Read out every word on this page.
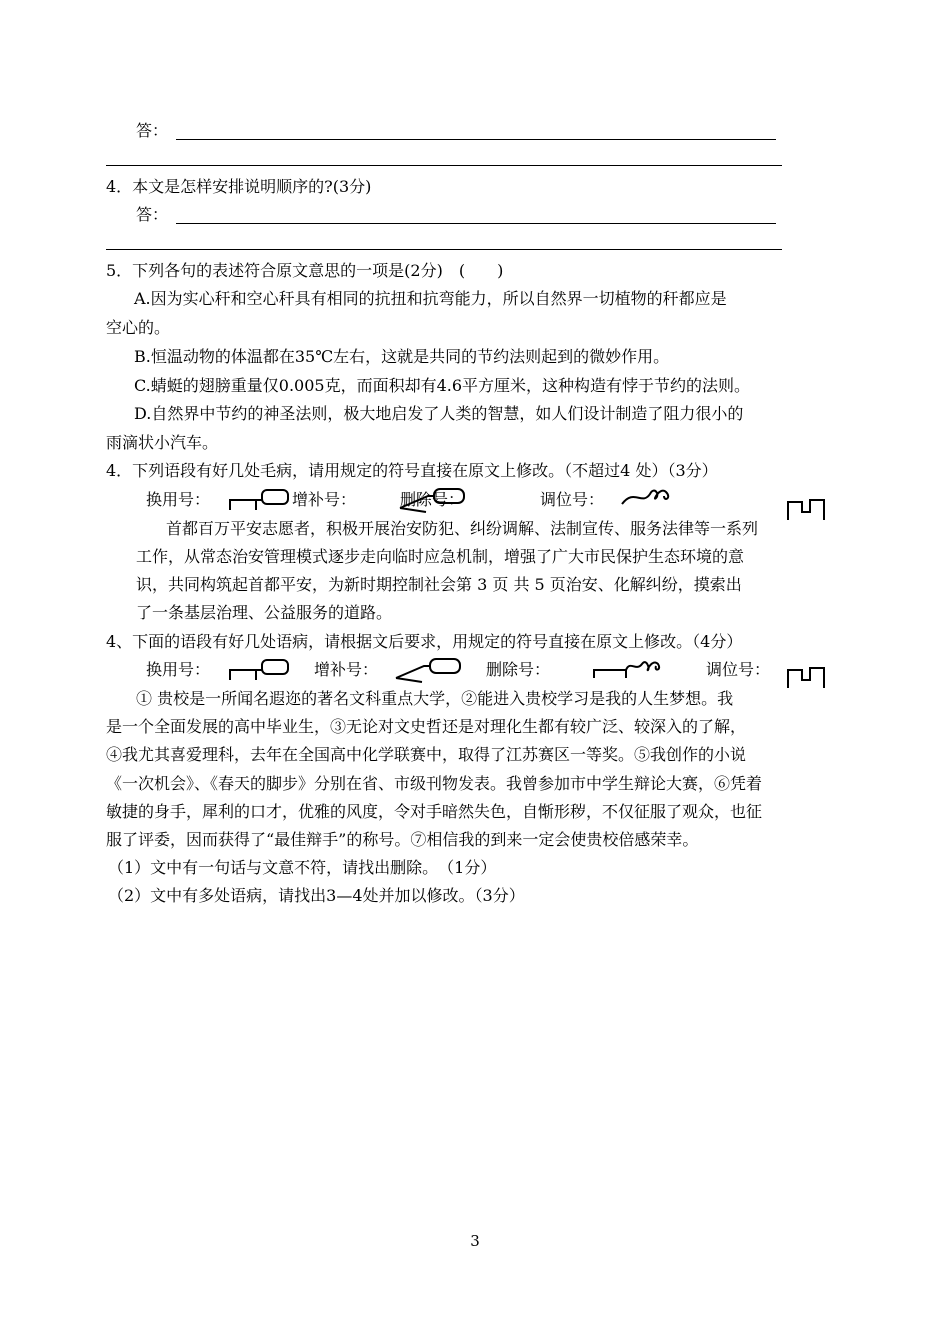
答：
4．本文是怎样安排说明顺序的?(3分)
答：
5．下列各句的表述符合原文意思的一项是(2分)　(　　)
A.因为实心秆和空心秆具有相同的抗扭和抗弯能力，所以自然界一切植物的秆都应是
空心的。
B.恒温动物的体温都在35℃左右，这就是共同的节约法则起到的微妙作用。
C.蜻蜓的翅膀重量仅0.005克，而面积却有4.6平方厘米，这种构造有悖于节约的法则。
D.自然界中节约的神圣法则，极大地启发了人类的智慧，如人们设计制造了阻力很小的
雨滴状小汽车。
4．下列语段有好几处毛病，请用规定的符号直接在原文上修改。（不超过4 处）（3分）
换用号：	增补号：	删除号：	调位号：
首都百万平安志愿者，积极开展治安防犯、纠纷调解、法制宣传、服务法律等一系列
工作，从常态治安管理模式逐步走向临时应急机制，增强了广大市民保护生态环境的意
识，共同构筑起首都平安，为新时期控制社会第 3 页 共 5 页治安、化解纠纷，摸索出
了一条基层治理、公益服务的道路。
4、下面的语段有好几处语病，请根据文后要求，用规定的符号直接在原文上修改。（4分）
换用号：	增补号：	删除号：	调位号：
① 贵校是一所闻名遐迩的著名文科重点大学，②能进入贵校学习是我的人生梦想。我
是一个全面发展的高中毕业生，③无论对文史哲还是对理化生都有较广泛、较深入的了解，
④我尤其喜爱理科，去年在全国高中化学联赛中，取得了江苏赛区一等奖。⑤我创作的小说
《一次机会》、《春天的脚步》分别在省、市级刊物发表。我曾参加市中学生辩论大赛，⑥凭着
敏捷的身手，犀利的口才，优雅的风度，令对手暗然失色，自惭形秽，不仅征服了观众，也征
服了评委，因而获得了“最佳辩手”的称号。⑦相信我的到来一定会使贵校倍感荣幸。
（1）文中有一句话与文意不符，请找出删除。　（1分）
（2）文中有多处语病，请找出3—4处并加以修改。（3分）
3
